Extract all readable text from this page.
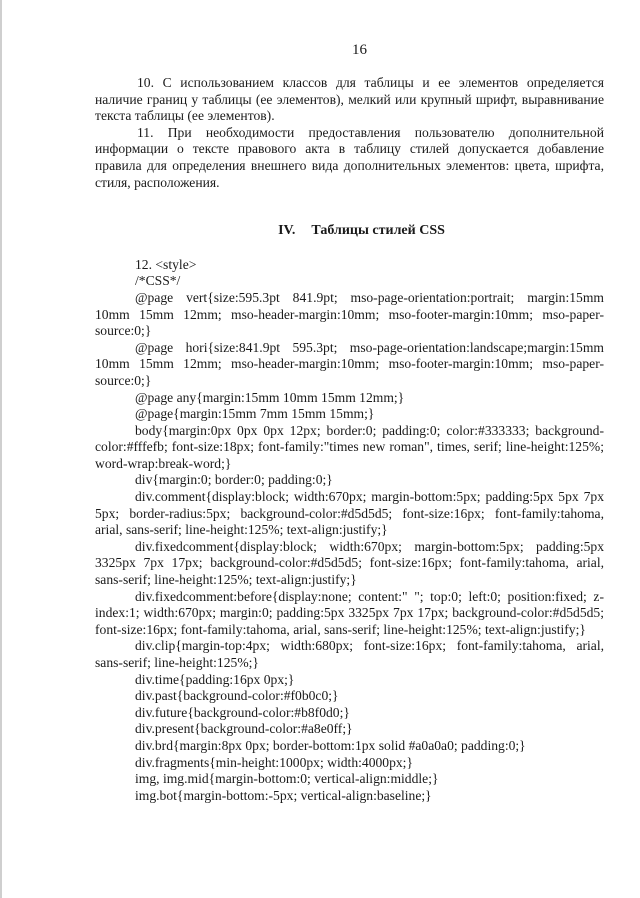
16

10. С использованием классов для таблицы и ее элементов определяется наличие границ у таблицы (ее элементов), мелкий или крупный шрифт, выравнивание текста таблицы (ее элементов).

11. При необходимости предоставления пользователю дополнительной информации о тексте правового акта в таблицу стилей допускается добавление правила для определения внешнего вида дополнительных элементов: цвета, шрифта, стиля, расположения.

IV. Таблицы стилей CSS

12. <style>

/*CSS*/

@page vert{size:595.3pt 841.9pt; mso-page-orientation:portrait; margin:15mm 10mm 15mm 12mm; mso-header-margin:10mm; mso-footer-margin:10mm; mso-paper-source:0;}

@page hori{size:841.9pt 595.3pt; mso-page-orientation:landscape;margin:15mm 10mm 15mm 12mm; mso-header-margin:10mm; mso-footer-margin:10mm; mso-paper-source:0;}

@page any{margin:15mm 10mm 15mm 12mm;}

@page{margin:15mm 7mm 15mm 15mm;}

body{margin:0px 0px 0px 12px; border:0; padding:0; color:#333333; background-color:#fffefb; font-size:18px; font-family:"times new roman", times, serif; line-height:125%; word-wrap:break-word;}

div{margin:0; border:0; padding:0;}

div.comment{display:block; width:670px; margin-bottom:5px; padding:5px 5px 7px 5px; border-radius:5px; background-color:#d5d5d5; font-size:16px; font-family:tahoma, arial, sans-serif; line-height:125%; text-align:justify;}

div.fixedcomment{display:block; width:670px; margin-bottom:5px; padding:5px 3325px 7px 17px; background-color:#d5d5d5; font-size:16px; font-family:tahoma, arial, sans-serif; line-height:125%; text-align:justify;}

div.fixedcomment:before{display:none; content:" "; top:0; left:0; position:fixed; z-index:1; width:670px; margin:0; padding:5px 3325px 7px 17px; background-color:#d5d5d5; font-size:16px; font-family:tahoma, arial, sans-serif; line-height:125%; text-align:justify;}

div.clip{margin-top:4px; width:680px; font-size:16px; font-family:tahoma, arial, sans-serif; line-height:125%;}

div.time{padding:16px 0px;}

div.past{background-color:#f0b0c0;}

div.future{background-color:#b8f0d0;}

div.present{background-color:#a8e0ff;}

div.brd{margin:8px 0px; border-bottom:1px solid #a0a0a0; padding:0;}

div.fragments{min-height:1000px; width:4000px;}

img, img.mid{margin-bottom:0; vertical-align:middle;}

img.bot{margin-bottom:-5px; vertical-align:baseline;}
